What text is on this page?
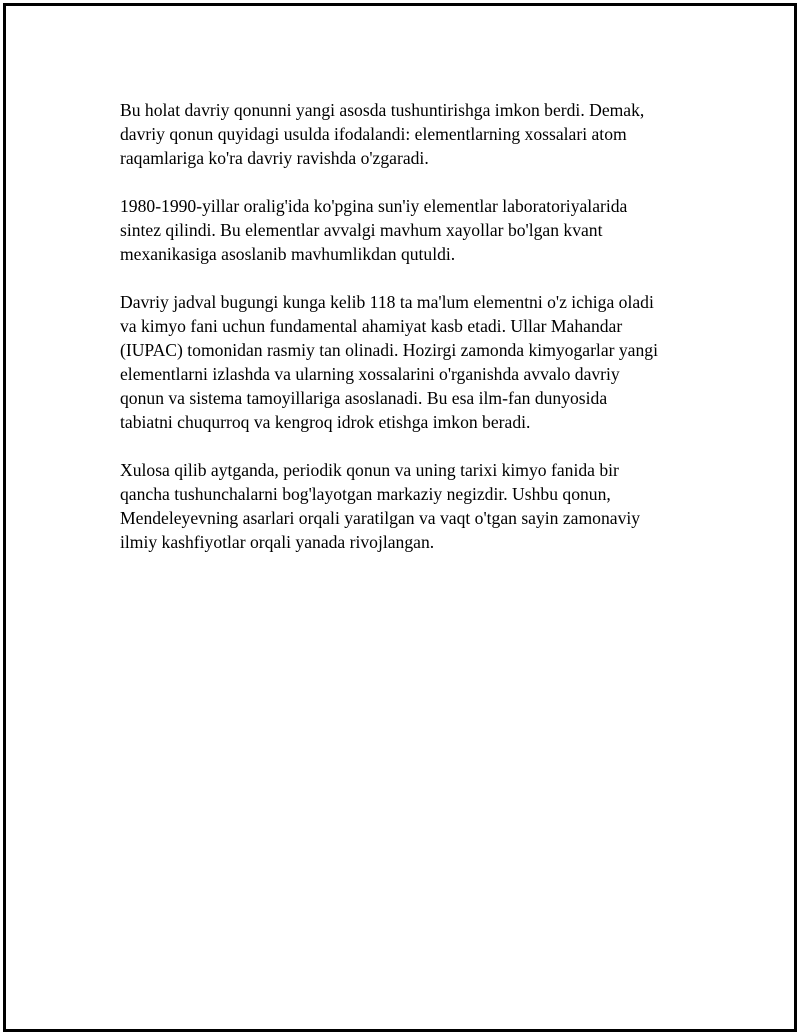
Bu holat davriy qonunni yangi asosda tushuntirishga imkon berdi. Demak,
davriy qonun quyidagi usulda ifodalandi: elementlarning xossalari atom
raqamlariga ko'ra davriy ravishda o'zgaradi.

1980-1990-yillar oralig'ida ko'pgina sun'iy elementlar laboratoriyalarida
sintez qilindi. Bu elementlar avvalgi mavhum xayollar bo'lgan kvant
mexanikasiga asoslanib mavhumlikdan qutuldi.

Davriy jadval bugungi kunga kelib 118 ta ma'lum elementni o'z ichiga oladi
va kimyo fani uchun fundamental ahamiyat kasb etadi. Ullar Mahandar
(IUPAC) tomonidan rasmiy tan olinadi. Hozirgi zamonda kimyogarlar yangi
elementlarni izlashda va ularning xossalarini o'rganishda avvalo davriy
qonun va sistema tamoyillariga asoslanadi. Bu esa ilm-fan dunyosida
tabiatni chuqurroq va kengroq idrok etishga imkon beradi.

Xulosa qilib aytganda, periodik qonun va uning tarixi kimyo fanida bir
qancha tushunchalarni bog'layotgan markaziy negizdir. Ushbu qonun,
Mendeleyevning asarlari orqali yaratilgan va vaqt o'tgan sayin zamonaviy
ilmiy kashfiyotlar orqali yanada rivojlangan.
